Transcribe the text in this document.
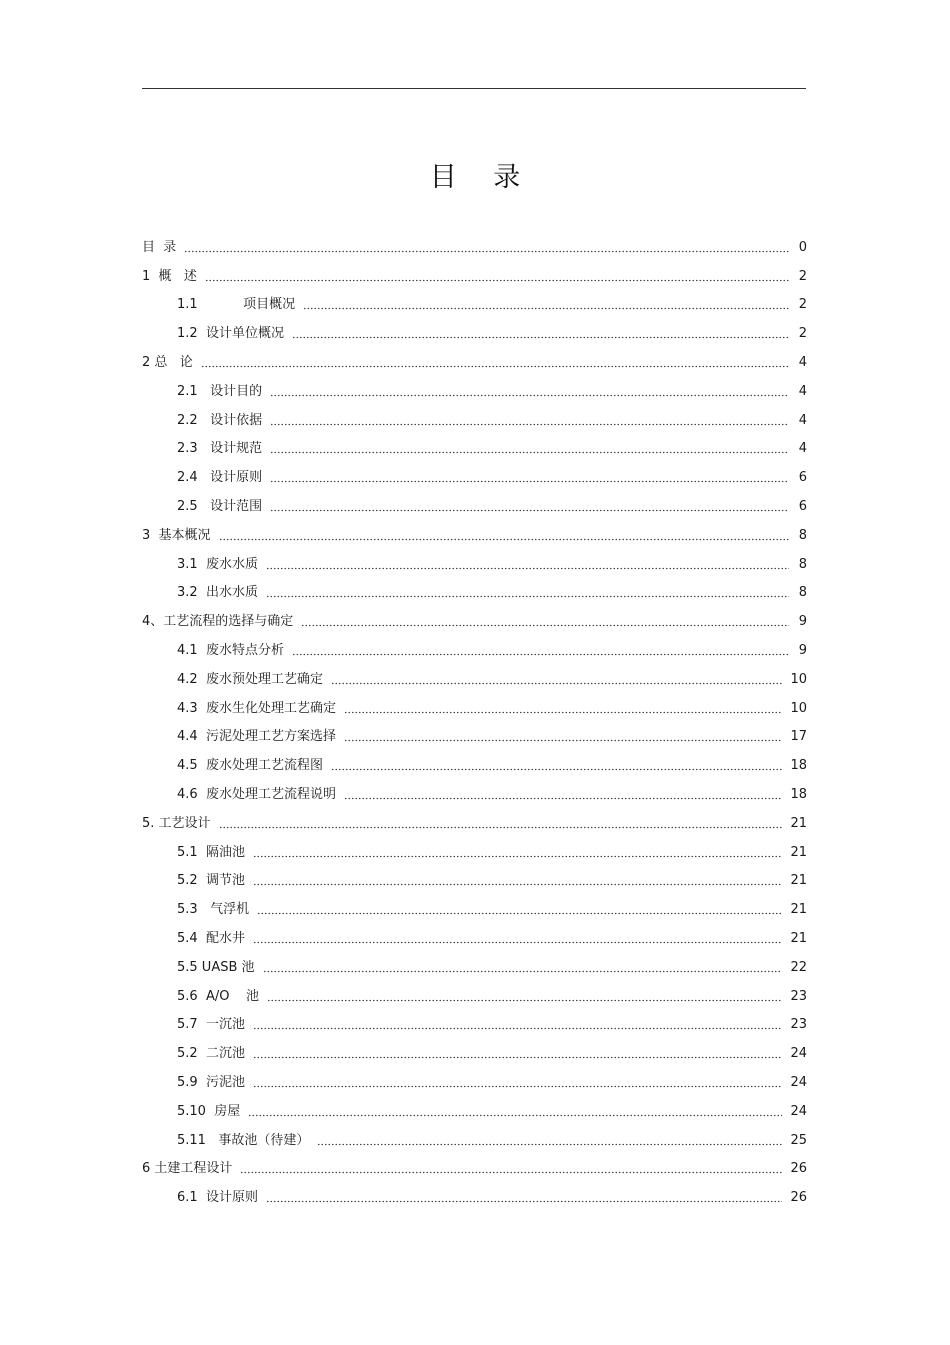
目 录
目  录	0
1  概   述	2
1.1           项目概况	2
1.2  设计单位概况	2
2 总   论	4
2.1   设计目的	4
2.2   设计依据	4
2.3   设计规范	4
2.4   设计原则	6
2.5   设计范围	6
3  基本概况	8
3.1  废水水质	8
3.2  出水水质	8
4、工艺流程的选择与确定	9
4.1  废水特点分析	9
4.2  废水预处理工艺确定	10
4.3  废水生化处理工艺确定	10
4.4  污泥处理工艺方案选择	17
4.5  废水处理工艺流程图	18
4.6  废水处理工艺流程说明	18
5. 工艺设计	21
5.1  隔油池	21
5.2  调节池	21
5.3   气浮机	21
5.4  配水井	21
5.5 UASB 池	22
5.6  A/O    池	23
5.7  一沉池	23
5.2  二沉池	24
5.9  污泥池	24
5.10  房屋	24
5.11   事故池（待建）	25
6 土建工程设计	26
6.1  设计原则	26
